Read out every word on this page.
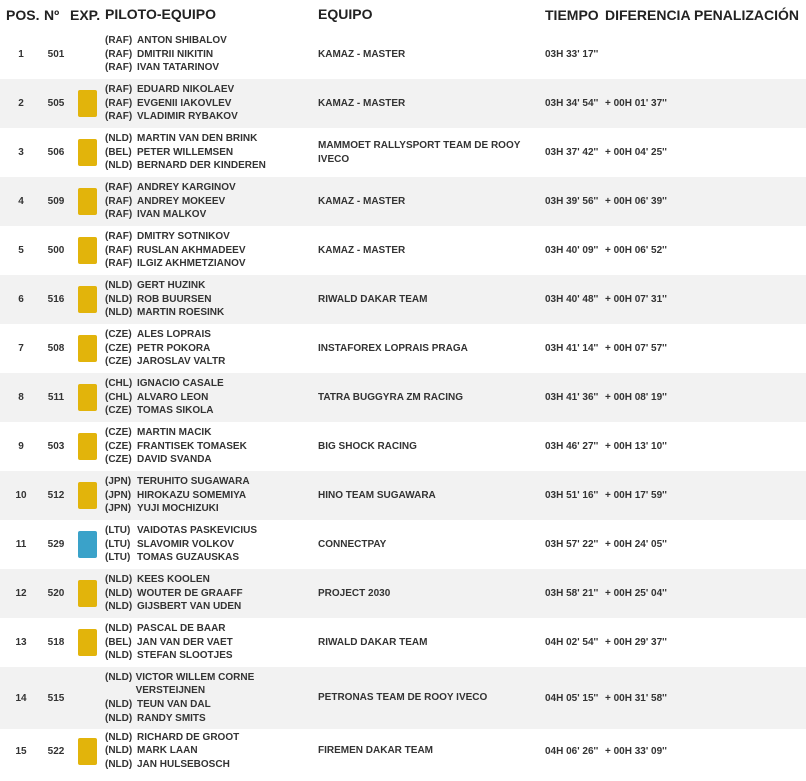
POS. Nº EXP. PILOTO-EQUIPO	EQUIPO	TIEMPO DIFERENCIA PENALIZACIÓN
1	501
(RAF) ANTON SHIBALOV
(RAF) DMITRII NIKITIN
(RAF) IVAN TATARINOV
KAMAZ - MASTER	03H 33' 17''
2	505
(RAF) EDUARD NIKOLAEV
(RAF) EVGENII IAKOVLEV
(RAF) VLADIMIR RYBAKOV
KAMAZ - MASTER	03H 34' 54'' + 00H 01' 37''
3	506
(NLD) MARTIN VAN DEN BRINK
(BEL) PETER WILLEMSEN
(NLD) BERNARD DER KINDEREN
MAMMOET RALLYSPORT TEAM DE ROOY IVECO
03H 37' 42'' + 00H 04' 25''
4	509
(RAF) ANDREY KARGINOV
(RAF) ANDREY MOKEEV
(RAF) IVAN MALKOV
KAMAZ - MASTER	03H 39' 56'' + 00H 06' 39''
5	500
(RAF) DMITRY SOTNIKOV
(RAF) RUSLAN AKHMADEEV
(RAF) ILGIZ AKHMETZIANOV
KAMAZ - MASTER	03H 40' 09'' + 00H 06' 52''
6	516
(NLD) GERT HUZINK
(NLD) ROB BUURSEN
(NLD) MARTIN ROESINK
RIWALD DAKAR TEAM	03H 40' 48'' + 00H 07' 31''
7	508
(CZE) ALES LOPRAIS
(CZE) PETR POKORA
(CZE) JAROSLAV VALTR
INSTAFOREX LOPRAIS PRAGA	03H 41' 14'' + 00H 07' 57''
8	511
(CHL) IGNACIO CASALE
(CHL) ALVARO LEON
(CZE) TOMAS SIKOLA
TATRA BUGGYRA ZM RACING	03H 41' 36'' + 00H 08' 19''
9	503
(CZE) MARTIN MACIK
(CZE) FRANTISEK TOMASEK
(CZE) DAVID SVANDA
BIG SHOCK RACING	03H 46' 27'' + 00H 13' 10''
10	512
(JPN) TERUHITO SUGAWARA
(JPN) HIROKAZU SOMEMIYA
(JPN) YUJI MOCHIZUKI
HINO TEAM SUGAWARA	03H 51' 16'' + 00H 17' 59''
11	529
(LTU) VAIDOTAS PASKEVICIUS
(LTU) SLAVOMIR VOLKOV
(LTU) TOMAS GUZAUSKAS
CONNECTPAY	03H 57' 22'' + 00H 24' 05''
12	520
(NLD) KEES KOOLEN
(NLD) WOUTER DE GRAAFF
(NLD) GIJSBERT VAN UDEN
PROJECT 2030	03H 58' 21'' + 00H 25' 04''
13	518
(NLD) PASCAL DE BAAR
(BEL) JAN VAN DER VAET
(NLD) STEFAN SLOOTJES
RIWALD DAKAR TEAM	04H 02' 54'' + 00H 29' 37''
14	515
(NLD) VICTOR WILLEM CORNE VERSTEIJNEN
(NLD) TEUN VAN DAL
(NLD) RANDY SMITS
PETRONAS TEAM DE ROOY IVECO	04H 05' 15'' + 00H 31' 58''
15	522
(NLD) RICHARD DE GROOT
(NLD) MARK LAAN
(NLD) JAN HULSEBOSCH
FIREMEN DAKAR TEAM	04H 06' 26'' + 00H 33' 09''
